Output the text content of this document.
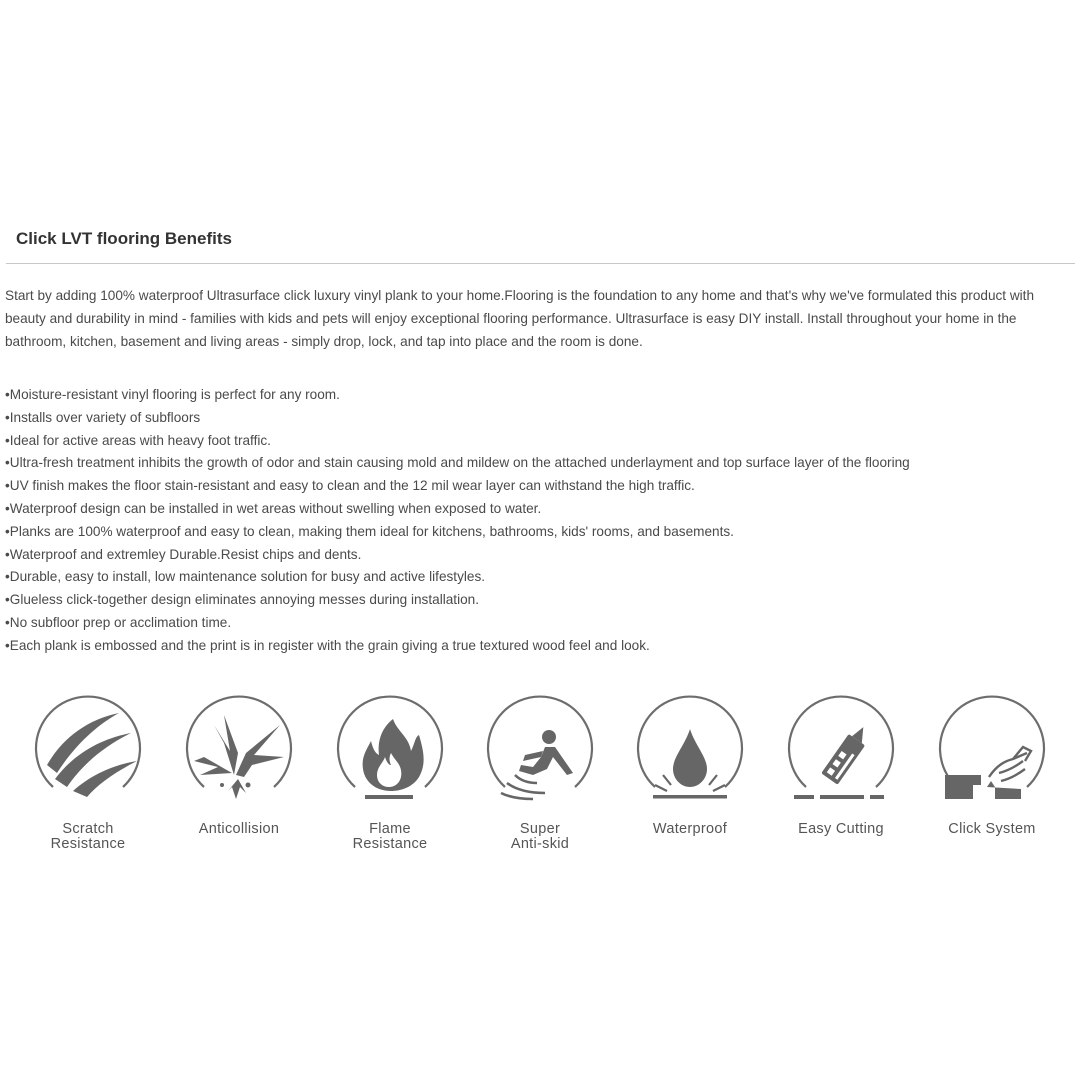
Click LVT flooring Benefits

Start by adding 100% waterproof Ultrasurface click luxury vinyl plank to your home.Flooring is the foundation to any home and that's why we've formulated this product with
beauty and durability in mind - families with kids and pets will enjoy exceptional flooring performance. Ultrasurface is easy DIY install. Install throughout your home in the
bathroom, kitchen, basement and living areas - simply drop, lock, and tap into place and the room is done.

•Moisture-resistant vinyl flooring is perfect for any room.
•Installs over variety of subfloors
•Ideal for active areas with heavy foot traffic.
•Ultra-fresh treatment inhibits the growth of odor and stain causing mold and mildew on the attached underlayment and top surface layer of the flooring
•UV finish makes the floor stain-resistant and easy to clean and the 12 mil wear layer can withstand the high traffic.
•Waterproof design can be installed in wet areas without swelling when exposed to water.
•Planks are 100% waterproof and easy to clean, making them ideal for kitchens, bathrooms, kids' rooms, and basements.
•Waterproof and extremley Durable.Resist chips and dents.
•Durable, easy to install, low maintenance solution for busy and active lifestyles.
•Glueless click-together design eliminates annoying messes during installation.
•No subfloor prep or acclimation time.
•Each plank is embossed and the print is in register with the grain giving a true textured wood feel and look.
Scratch
Resistance
Anticollision	Flame
Resistance
Super
Anti-skid
Waterproof	Easy Cutting	Click System
